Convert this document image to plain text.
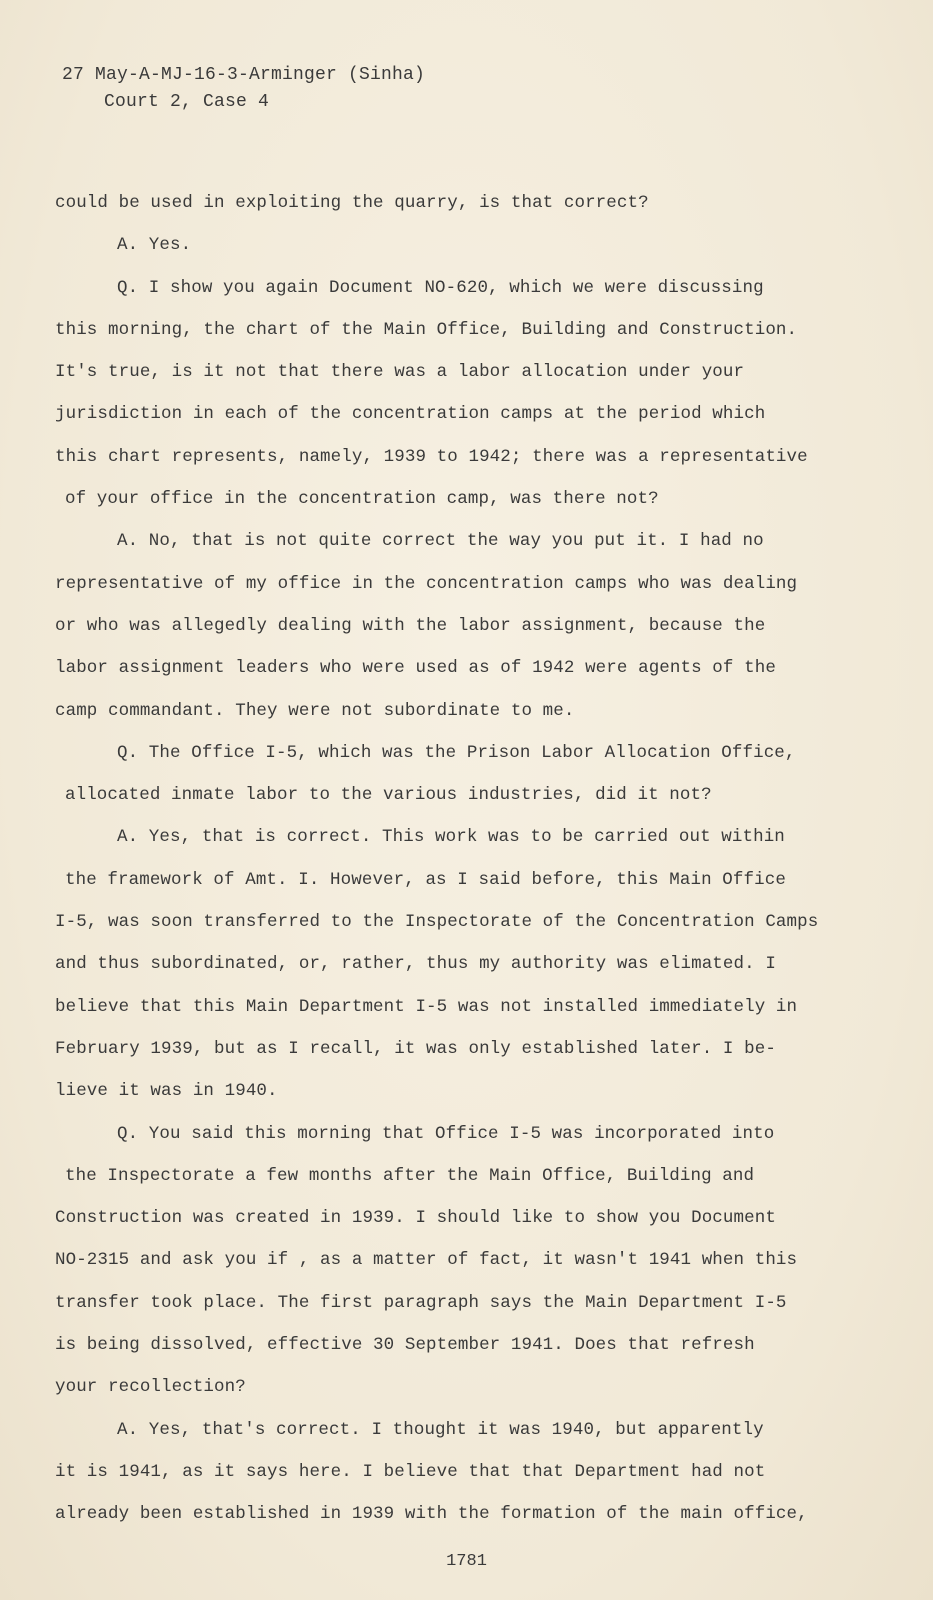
27 May-A-MJ-16-3-Arminger (Sinha)
Court 2, Case 4
could be used in exploiting the quarry, is that correct?
A. Yes.
Q. I show you again Document NO-620, which we were discussing
this morning, the chart of the Main Office, Building and Construction.
It's true, is it not that there was a labor allocation under your
jurisdiction in each of the concentration camps at the period which
this chart represents, namely, 1939 to 1942; there was a representative
of your office in the concentration camp, was there not?
A. No, that is not quite correct the way you put it. I had no
representative of my office in the concentration camps who was dealing
or who was allegedly dealing with the labor assignment, because the
labor assignment leaders who were used as of 1942 were agents of the
camp commandant. They were not subordinate to me.
Q. The Office I-5, which was the Prison Labor Allocation Office,
allocated inmate labor to the various industries, did it not?
A. Yes, that is correct. This work was to be carried out within
the framework of Amt. I. However, as I said before, this Main Office
I-5, was soon transferred to the Inspectorate of the Concentration Camps
and thus subordinated, or, rather, thus my authority was elimated. I
believe that this Main Department I-5 was not installed immediately in
February 1939, but as I recall, it was only established later. I be-
lieve it was in 1940.
Q. You said this morning that Office I-5 was incorporated into
the Inspectorate a few months after the Main Office, Building and
Construction was created in 1939. I should like to show you Document
NO-2315 and ask you if , as a matter of fact, it wasn't 1941 when this
transfer took place. The first paragraph says the Main Department I-5
is being dissolved, effective 30 September 1941. Does that refresh
your recollection?
A. Yes, that's correct. I thought it was 1940, but apparently
it is 1941, as it says here. I believe that that Department had not
already been established in 1939 with the formation of the main office,
1781
